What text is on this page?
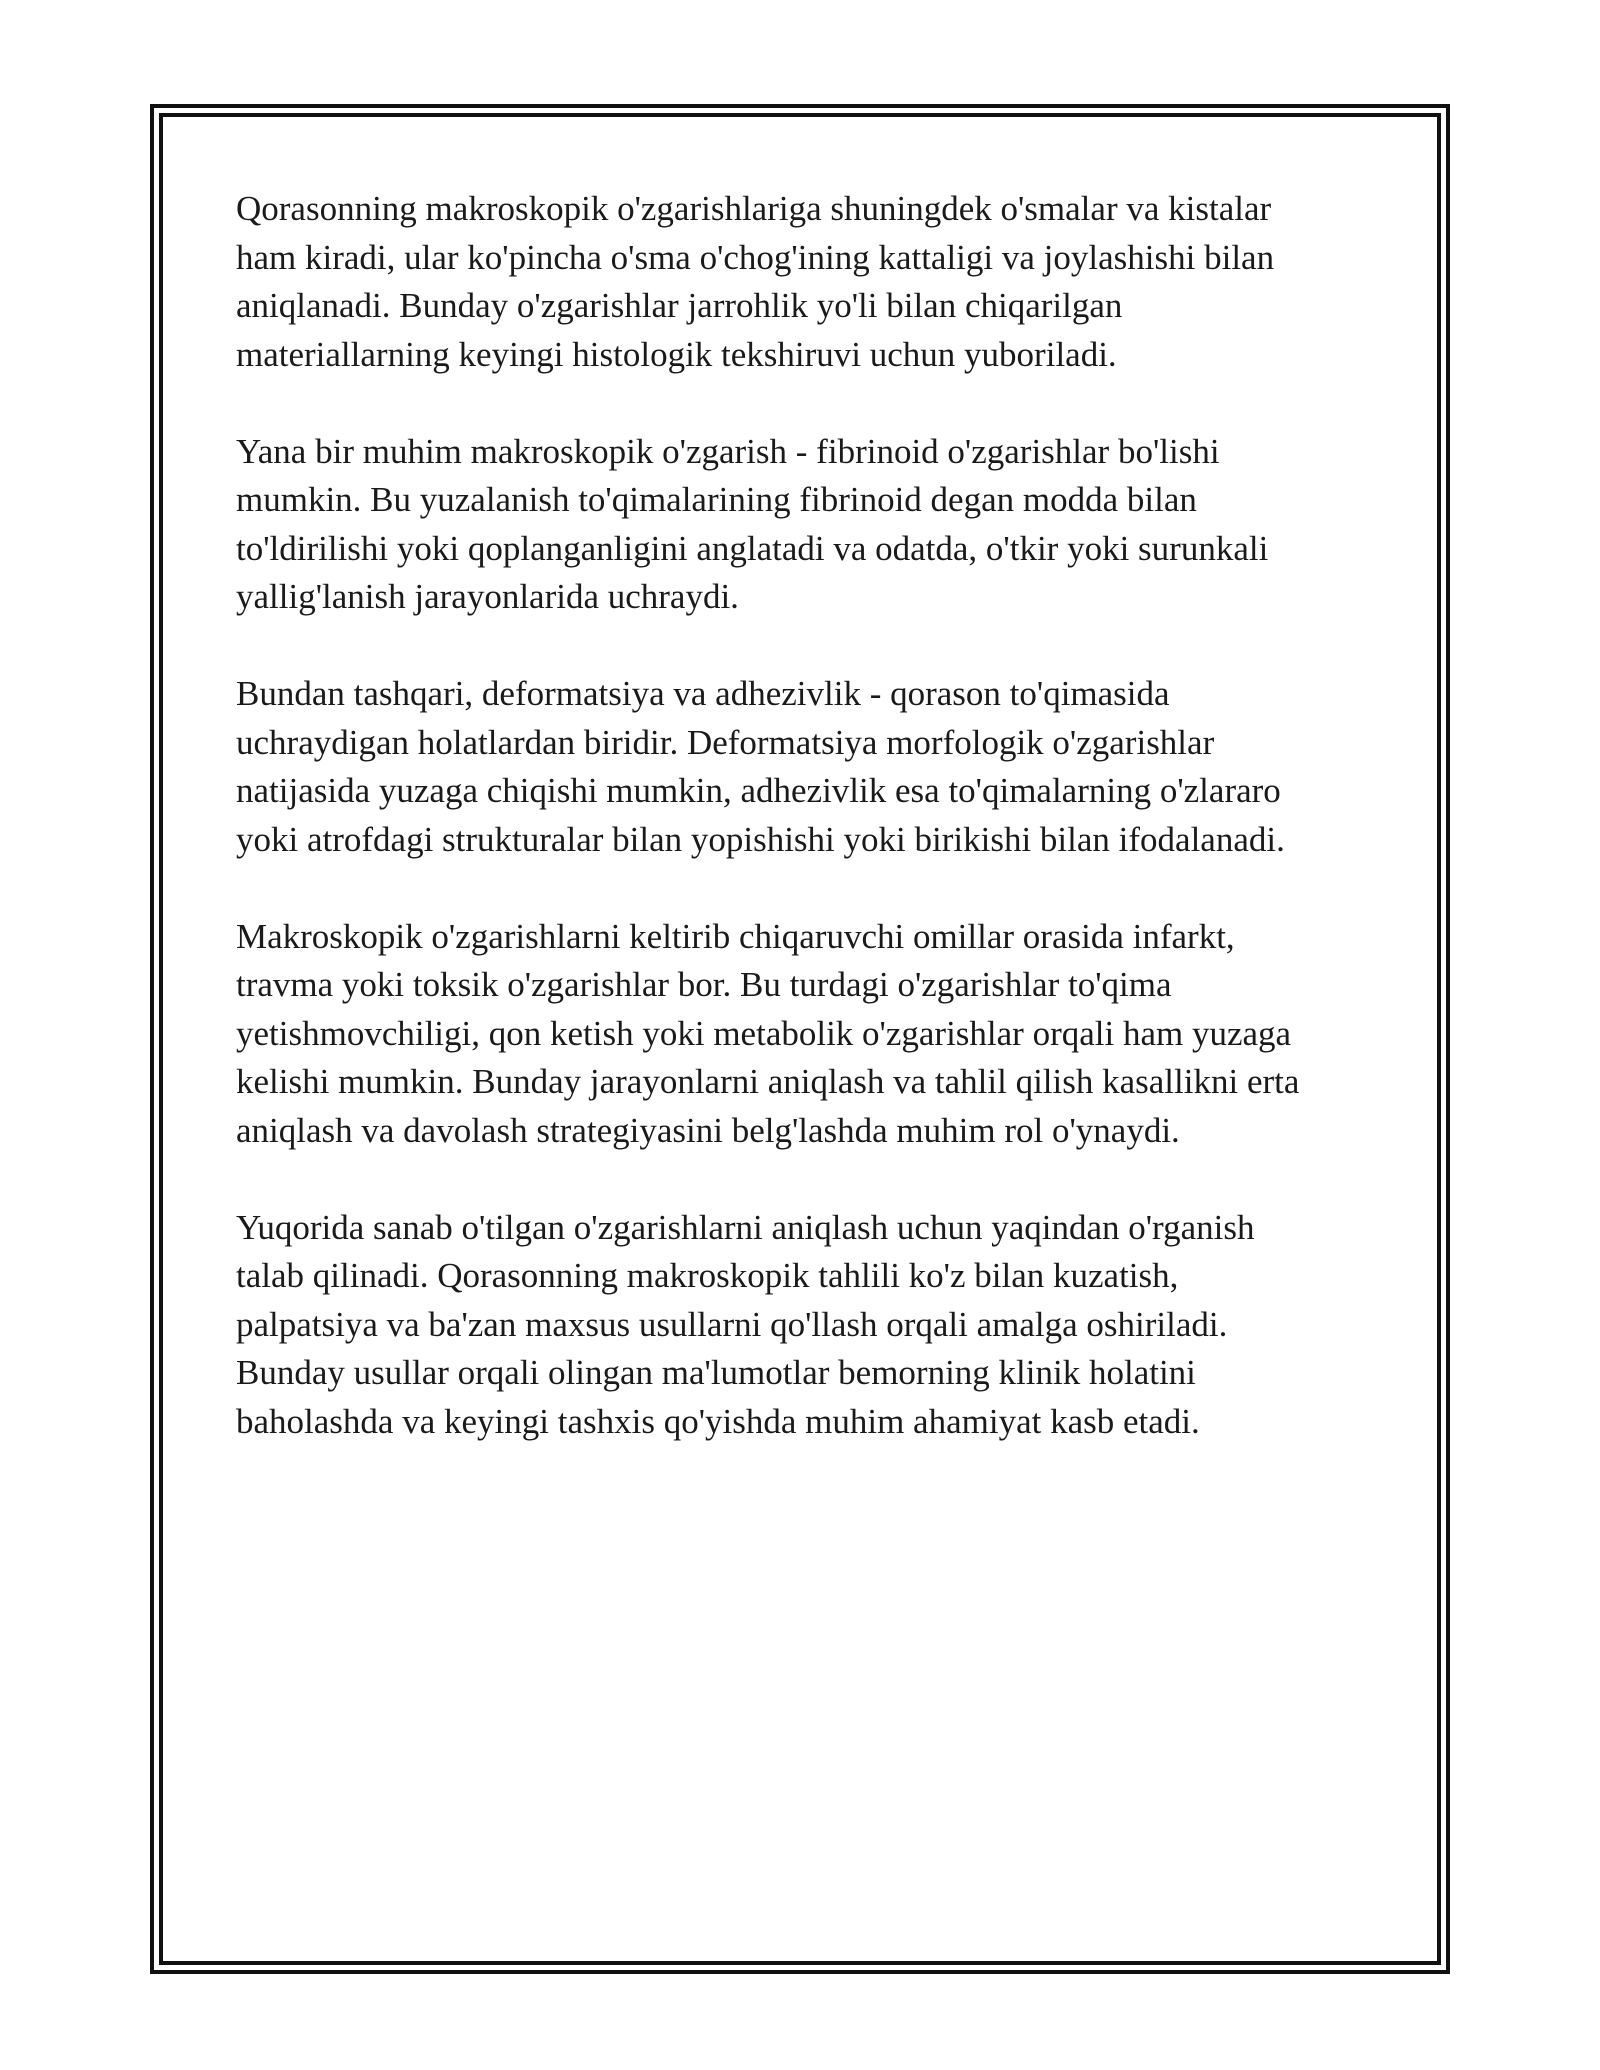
Qorasonning makroskopik o'zgarishlariga shuningdek o'smalar va kistalar
ham kiradi, ular ko'pincha o'sma o'chog'ining kattaligi va joylashishi bilan
aniqlanadi. Bunday o'zgarishlar jarrohlik yo'li bilan chiqarilgan
materiallarning keyingi histologik tekshiruvi uchun yuboriladi.

Yana bir muhim makroskopik o'zgarish - fibrinoid o'zgarishlar bo'lishi
mumkin. Bu yuzalanish to'qimalarining fibrinoid degan modda bilan
to'ldirilishi yoki qoplanganligini anglatadi va odatda, o'tkir yoki surunkali
yallig'lanish jarayonlarida uchraydi.

Bundan tashqari, deformatsiya va adhezivlik - qorason to'qimasida
uchraydigan holatlardan biridir. Deformatsiya morfologik o'zgarishlar
natijasida yuzaga chiqishi mumkin, adhezivlik esa to'qimalarning o'zlararo
yoki atrofdagi strukturalar bilan yopishishi yoki birikishi bilan ifodalanadi.

Makroskopik o'zgarishlarni keltirib chiqaruvchi omillar orasida infarkt,
travma yoki toksik o'zgarishlar bor. Bu turdagi o'zgarishlar to'qima
yetishmovchiligi, qon ketish yoki metabolik o'zgarishlar orqali ham yuzaga
kelishi mumkin. Bunday jarayonlarni aniqlash va tahlil qilish kasallikni erta
aniqlash va davolash strategiyasini belg'lashda muhim rol o'ynaydi.

Yuqorida sanab o'tilgan o'zgarishlarni aniqlash uchun yaqindan o'rganish
talab qilinadi. Qorasonning makroskopik tahlili ko'z bilan kuzatish,
palpatsiya va ba'zan maxsus usullarni qo'llash orqali amalga oshiriladi.
Bunday usullar orqali olingan ma'lumotlar bemorning klinik holatini
baholashda va keyingi tashxis qo'yishda muhim ahamiyat kasb etadi.
